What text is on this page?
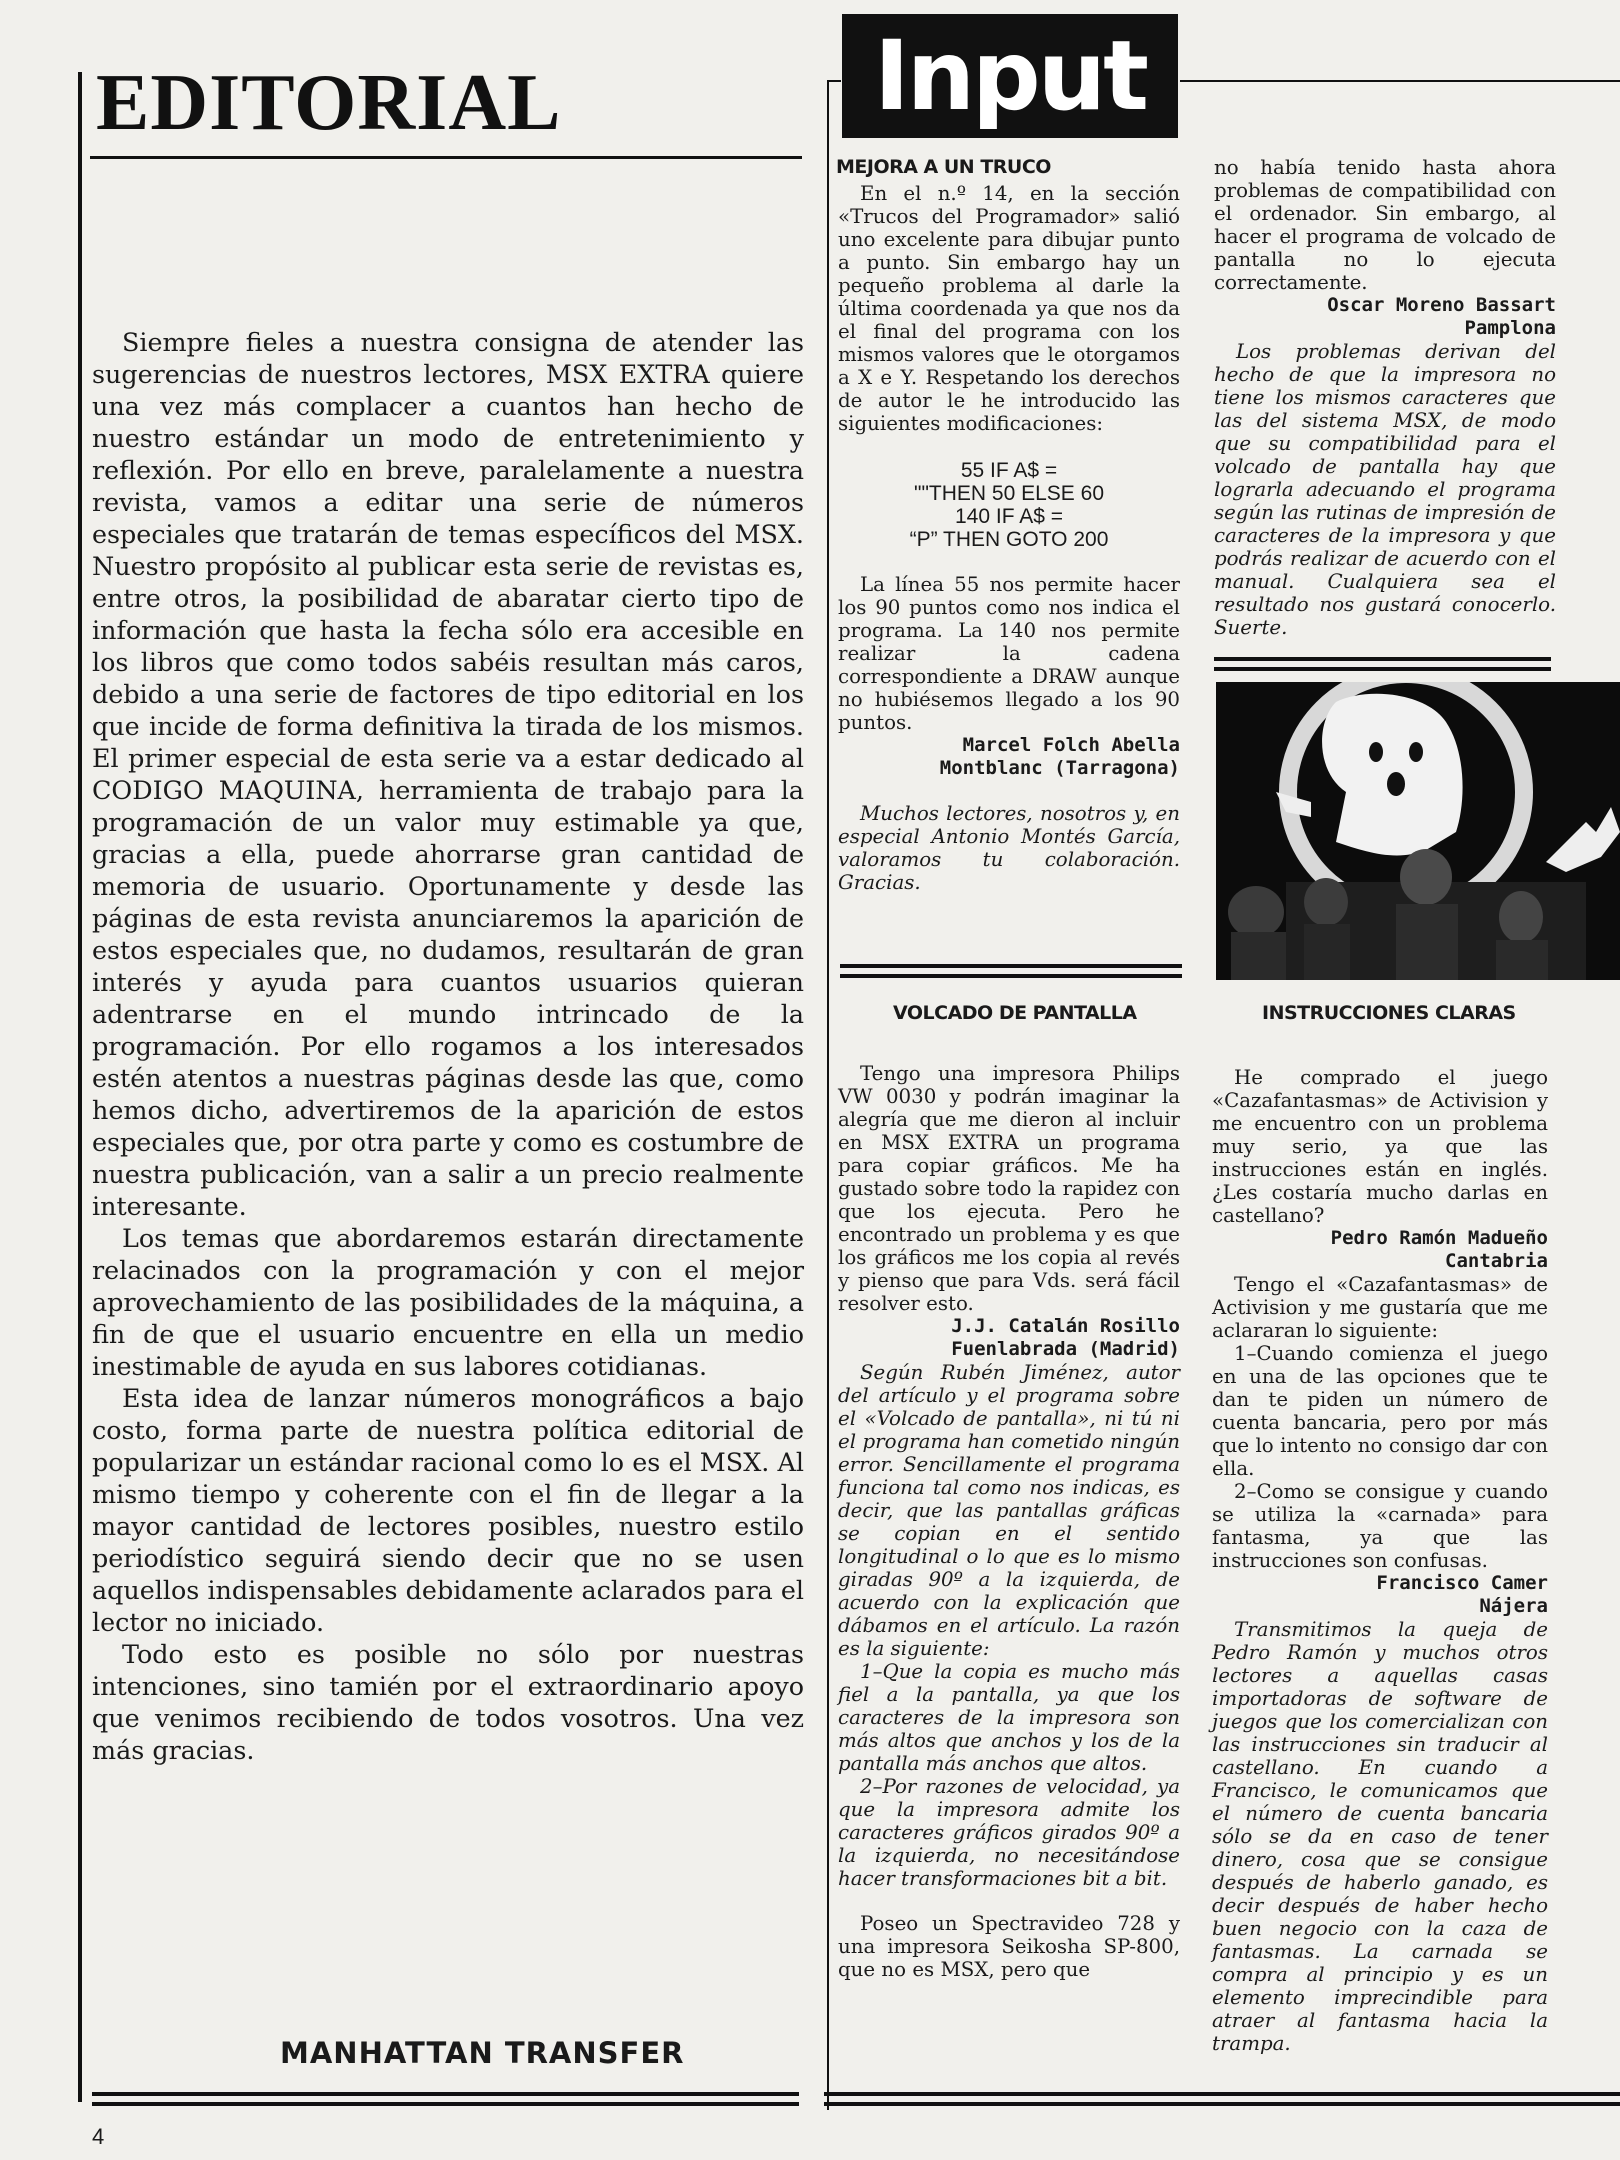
EDITORIAL

Siempre fieles a nuestra consigna de atender las sugerencias de nuestros lectores, MSX EXTRA quiere una vez más complacer a cuantos han hecho de nuestro estándar un modo de entretenimiento y reflexión. Por ello en breve, paralelamente a nuestra revista, vamos a editar una serie de números especiales que tratarán de temas específicos del MSX. Nuestro propósito al publicar esta serie de revistas es, entre otros, la posibilidad de abaratar cierto tipo de información que hasta la fecha sólo era accesible en los libros que como todos sabéis resultan más caros, debido a una serie de factores de tipo editorial en los que incide de forma definitiva la tirada de los mismos. El primer especial de esta serie va a estar dedicado al CODIGO MAQUINA, herramienta de trabajo para la programación de un valor muy estimable ya que, gracias a ella, puede ahorrarse gran cantidad de memoria de usuario. Oportunamente y desde las páginas de esta revista anunciaremos la aparición de estos especiales que, no dudamos, resultarán de gran interés y ayuda para cuantos usuarios quieran adentrarse en el mundo intrincado de la programación. Por ello rogamos a los interesados estén atentos a nuestras páginas desde las que, como hemos dicho, advertiremos de la aparición de estos especiales que, por otra parte y como es costumbre de nuestra publicación, van a salir a un precio realmente interesante.

Los temas que abordaremos estarán directamente relacinados con la programación y con el mejor aprovechamiento de las posibilidades de la máquina, a fin de que el usuario encuentre en ella un medio inestimable de ayuda en sus labores cotidianas.

Esta idea de lanzar números monográficos a bajo costo, forma parte de nuestra política editorial de popularizar un estándar racional como lo es el MSX. Al mismo tiempo y coherente con el fin de llegar a la mayor cantidad de lectores posibles, nuestro estilo periodístico seguirá siendo decir que no se usen aquellos indispensables debidamente aclarados para el lector no iniciado.

Todo esto es posible no sólo por nuestras intenciones, sino tamién por el extraordinario apoyo que venimos recibiendo de todos vosotros. Una vez más gracias.

MANHATTAN TRANSFER
4
Input
MEJORA A UN TRUCO

En el n.º 14, en la sección «Trucos del Programador» salió uno excelente para dibujar punto a punto. Sin embargo hay un pequeño problema al darle la última coordenada ya que nos da el final del programa con los mismos valores que le otorgamos a X e Y. Respetando los derechos de autor le he introducido las siguientes modificaciones:

55 IF A$ =
""THEN 50 ELSE 60
140 IF A$ =
“P” THEN GOTO 200

La línea 55 nos permite hacer los 90 puntos como nos indica el programa. La 140 nos permite realizar la cadena correspondiente a DRAW aunque no hubiésemos llegado a los 90 puntos.

Marcel Folch Abella

Montblanc (Tarragona)

Muchos lectores, nosotros y, en especial Antonio Montés García, valoramos tu colaboración. Gracias.

no había tenido hasta ahora problemas de compatibilidad con el ordenador. Sin embargo, al hacer el programa de volcado de pantalla no lo ejecuta correctamente.

Oscar Moreno Bassart

Pamplona

Los problemas derivan del hecho de que la impresora no tiene los mismos caracteres que las del sistema MSX, de modo que su compatibilidad para el volcado de pantalla hay que lograrla adecuando el programa según las rutinas de impresión de caracteres de la impresora y que podrás realizar de acuerdo con el manual. Cualquiera sea el resultado nos gustará conocerlo. Suerte.

VOLCADO DE PANTALLA	INSTRUCCIONES CLARAS

Tengo una impresora Philips VW 0030 y podrán imaginar la alegría que me dieron al incluir en MSX EXTRA un programa para copiar gráficos. Me ha gustado sobre todo la rapidez con que los ejecuta. Pero he encontrado un problema y es que los gráficos me los copia al revés y pienso que para Vds. será fácil resolver esto.

J.J. Catalán Rosillo

Fuenlabrada (Madrid)

Según Rubén Jiménez, autor del artículo y el programa sobre el «Volcado de pantalla», ni tú ni el programa han cometido ningún error. Sencillamente el programa funciona tal como nos indicas, es decir, que las pantallas gráficas se copian en el sentido longitudinal o lo que es lo mismo giradas 90º a la izquierda, de acuerdo con la explicación que dábamos en el artículo. La razón es la siguiente:

1–Que la copia es mucho más fiel a la pantalla, ya que los caracteres de la impresora son más altos que anchos y los de la pantalla más anchos que altos.

2–Por razones de velocidad, ya que la impresora admite los caracteres gráficos girados 90º a la izquierda, no necesitándose hacer transformaciones bit a bit.

Poseo un Spectravideo 728 y una impresora Seikosha SP-800, que no es MSX, pero que

He comprado el juego «Cazafantasmas» de Activision y me encuentro con un problema muy serio, ya que las instrucciones están en inglés. ¿Les costaría mucho darlas en castellano?

Pedro Ramón Madueño

Cantabria

Tengo el «Cazafantasmas» de Activision y me gustaría que me aclararan lo siguiente:

1–Cuando comienza el juego en una de las opciones que te dan te piden un número de cuenta bancaria, pero por más que lo intento no consigo dar con ella.

2–Como se consigue y cuando se utiliza la «carnada» para fantasma, ya que las instrucciones son confusas.

Francisco Camer

Nájera

Transmitimos la queja de Pedro Ramón y muchos otros lectores a aquellas casas importadoras de software de juegos que los comercializan con las instrucciones sin traducir al castellano. En cuando a Francisco, le comunicamos que el número de cuenta bancaria sólo se da en caso de tener dinero, cosa que se consigue después de haberlo ganado, es decir después de haber hecho buen negocio con la caza de fantasmas. La carnada se compra al principio y es un elemento imprecindible para atraer al fantasma hacia la trampa.
